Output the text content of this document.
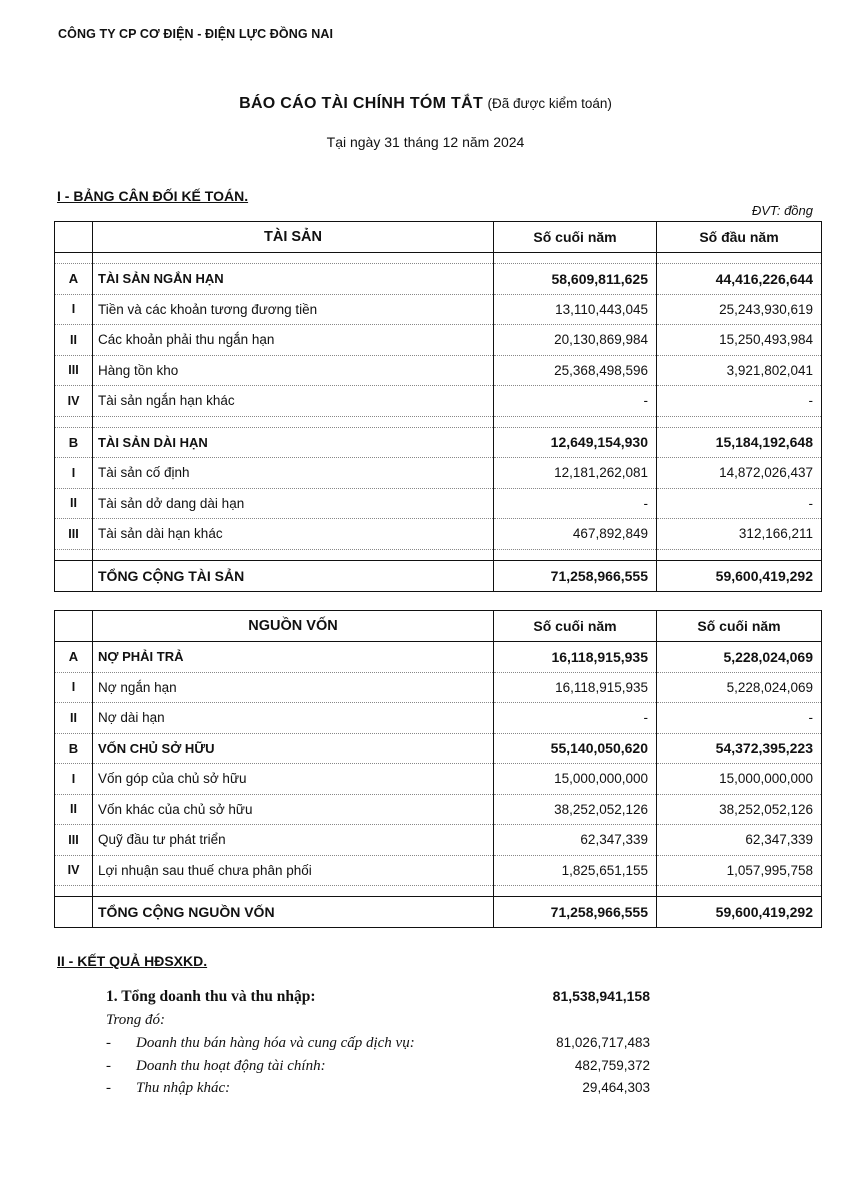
CÔNG TY CP CƠ ĐIỆN - ĐIỆN LỰC ĐỒNG NAI
BÁO CÁO TÀI CHÍNH TÓM TẮT (Đã được kiểm toán)
Tại ngày 31 tháng 12 năm 2024
I - BẢNG CÂN ĐỐI KẾ TOÁN.
ĐVT: đồng
	TÀI SẢN	Số cuối năm	Số đầu năm

A	TÀI SẢN NGẮN HẠN	58,609,811,625	44,416,226,644
I	Tiền và các khoản tương đương tiền	13,110,443,045	25,243,930,619
II	Các khoản phải thu ngắn hạn	20,130,869,984	15,250,493,984
III	Hàng tồn kho	25,368,498,596	3,921,802,041
IV	Tài sản ngắn hạn khác	-	-

B	TÀI SẢN DÀI HẠN	12,649,154,930	15,184,192,648
I	Tài sản cố định	12,181,262,081	14,872,026,437
II	Tài sản dở dang dài hạn	-	-
III	Tài sản dài hạn khác	467,892,849	312,166,211

	TỔNG CỘNG TÀI SẢN	71,258,966,555	59,600,419,292
	NGUỒN VỐN	Số cuối năm	Số cuối năm
A	NỢ PHẢI TRẢ	16,118,915,935	5,228,024,069
I	Nợ ngắn hạn	16,118,915,935	5,228,024,069
II	Nợ dài hạn	-	-
B	VỐN CHỦ SỞ HỮU	55,140,050,620	54,372,395,223
I	Vốn góp của chủ sở hữu	15,000,000,000	15,000,000,000
II	Vốn khác của chủ sở hữu	38,252,052,126	38,252,052,126
III	Quỹ đầu tư phát triển	62,347,339	62,347,339
IV	Lợi nhuận sau thuế chưa phân phối	1,825,651,155	1,057,995,758

	TỔNG CỘNG NGUỒN VỐN	71,258,966,555	59,600,419,292
II - KẾT QUẢ HĐSXKD.
1. Tổng doanh thu và thu nhập:	81,538,941,158
Trong đó:
- Doanh thu bán hàng hóa và cung cấp dịch vụ:	81,026,717,483
- Doanh thu hoạt động tài chính:	482,759,372
- Thu nhập khác:	29,464,303
